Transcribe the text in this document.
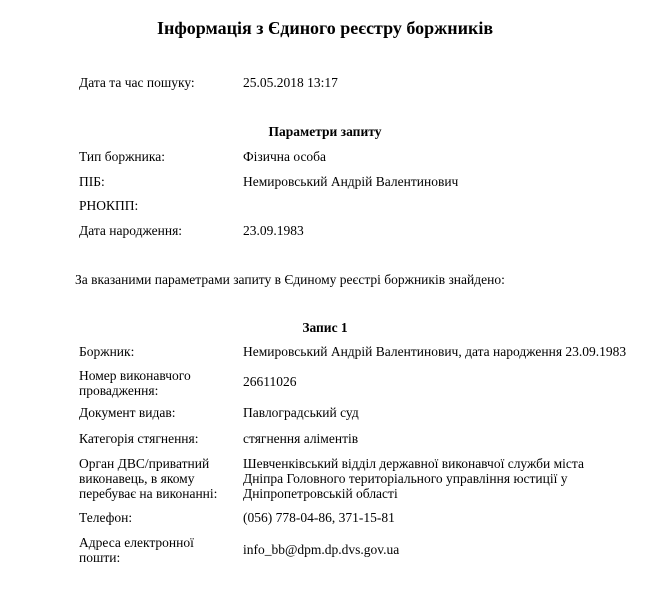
Інформація з Єдиного реєстру боржників
Дата та час пошуку:	25.05.2018 13:17
Параметри запиту
Тип боржника:	Фізична особа
ПІБ:	Немировський Андрій Валентинович
РНОКПП:
Дата народження:	23.09.1983
За вказаними параметрами запиту в Єдиному реєстрі боржників знайдено:
Запис 1
Боржник:	Немировський Андрій Валентинович, дата народження 23.09.1983
Номер виконавчого
провадження:
26611026
Документ видав:	Павлоградський суд
Категорія стягнення:	стягнення аліментів
Орган ДВС/приватний
виконавець, в якому
перебуває на виконанні:
Шевченківський відділ державної виконавчої служби міста
Дніпра Головного територіального управління юстиції у
Дніпропетровській області
Телефон:	(056) 778-04-86, 371-15-81
Адреса електронної
пошти:
info_bb@dpm.dp.dvs.gov.ua
